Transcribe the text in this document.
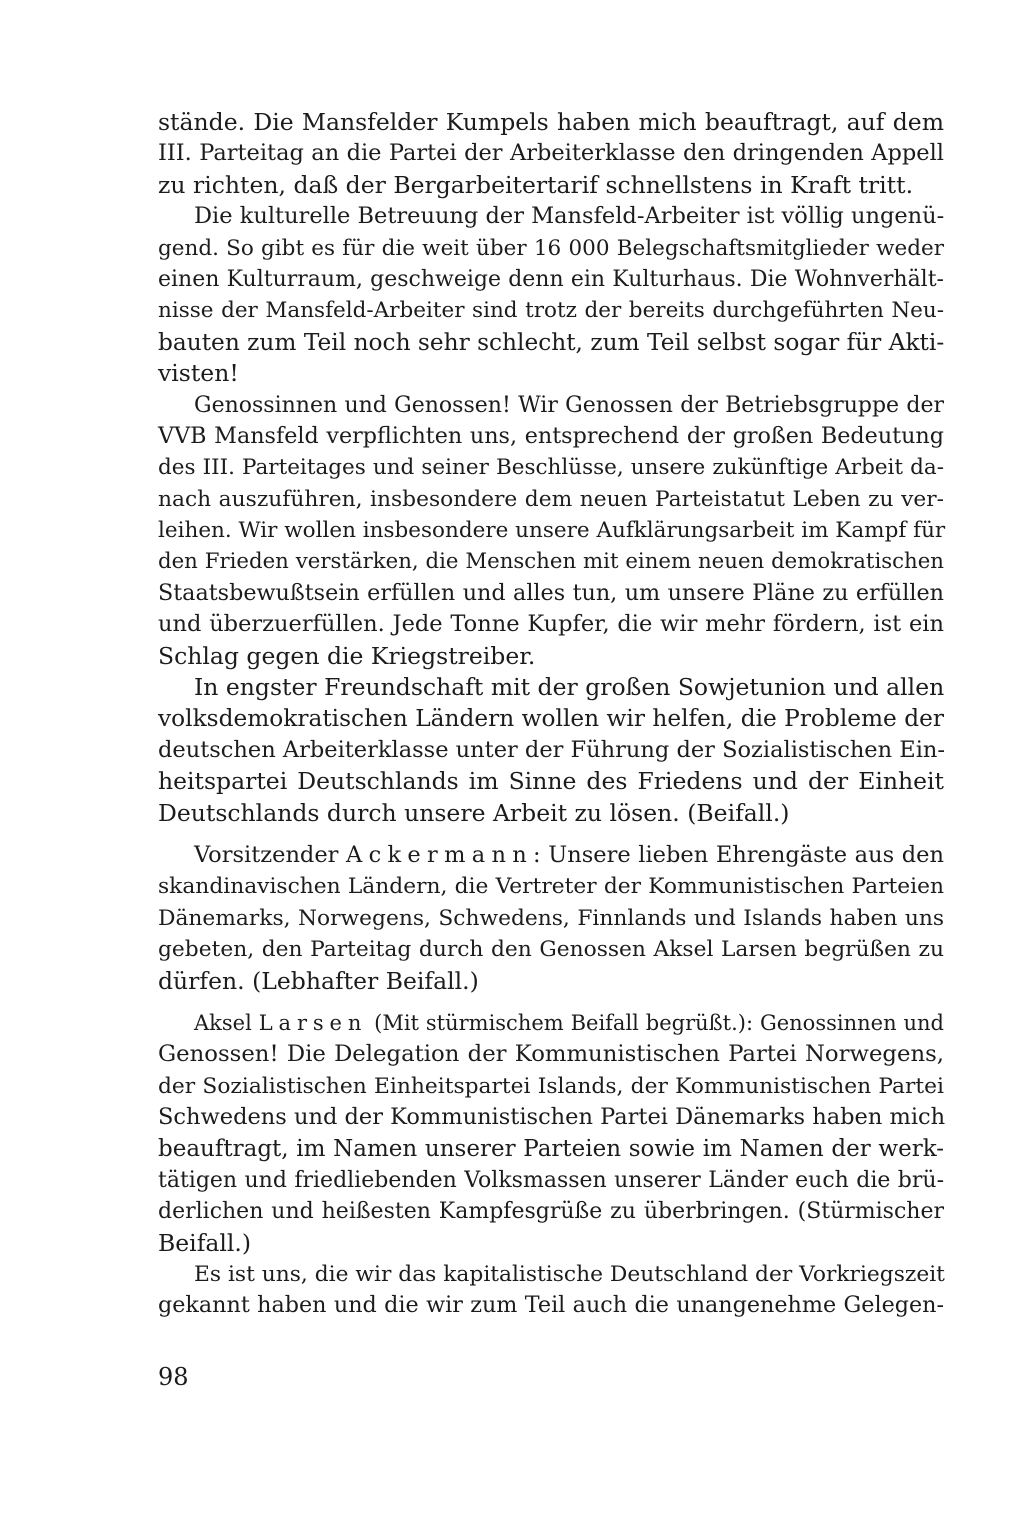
stände. Die Mansfelder Kumpels haben mich beauftragt, auf dem
III. Parteitag an die Partei der Arbeiterklasse den dringenden Appell
zu richten, daß der Bergarbeitertarif schnellstens in Kraft tritt.
Die kulturelle Betreuung der Mansfeld-Arbeiter ist völlig ungenü-
gend. So gibt es für die weit über 16 000 Belegschaftsmitglieder weder
einen Kulturraum, geschweige denn ein Kulturhaus. Die Wohnverhält-
nisse der Mansfeld-Arbeiter sind trotz der bereits durchgeführten Neu-
bauten zum Teil noch sehr schlecht, zum Teil selbst sogar für Akti-
visten!
Genossinnen und Genossen! Wir Genossen der Betriebsgruppe der
VVB Mansfeld verpflichten uns, entsprechend der großen Bedeutung
des III. Parteitages und seiner Beschlüsse, unsere zukünftige Arbeit da-
nach auszuführen, insbesondere dem neuen Parteistatut Leben zu ver-
leihen. Wir wollen insbesondere unsere Aufklärungsarbeit im Kampf für
den Frieden verstärken, die Menschen mit einem neuen demokratischen
Staatsbewußtsein erfüllen und alles tun, um unsere Pläne zu erfüllen
und überzuerfüllen. Jede Tonne Kupfer, die wir mehr fördern, ist ein
Schlag gegen die Kriegstreiber.
In engster Freundschaft mit der großen Sowjetunion und allen
volksdemokratischen Ländern wollen wir helfen, die Probleme der
deutschen Arbeiterklasse unter der Führung der Sozialistischen Ein-
heitspartei Deutschlands im Sinne des Friedens und der Einheit
Deutschlands durch unsere Arbeit zu lösen. (Beifall.)
Vorsitzender Ackermann: Unsere lieben Ehrengäste aus den
skandinavischen Ländern, die Vertreter der Kommunistischen Parteien
Dänemarks, Norwegens, Schwedens, Finnlands und Islands haben uns
gebeten, den Parteitag durch den Genossen Aksel Larsen begrüßen zu
dürfen. (Lebhafter Beifall.)
Aksel Larsen (Mit stürmischem Beifall begrüßt.): Genossinnen und
Genossen! Die Delegation der Kommunistischen Partei Norwegens,
der Sozialistischen Einheitspartei Islands, der Kommunistischen Partei
Schwedens und der Kommunistischen Partei Dänemarks haben mich
beauftragt, im Namen unserer Parteien sowie im Namen der werk-
tätigen und friedliebenden Volksmassen unserer Länder euch die brü-
derlichen und heißesten Kampfesgrüße zu überbringen. (Stürmischer
Beifall.)
Es ist uns, die wir das kapitalistische Deutschland der Vorkriegszeit
gekannt haben und die wir zum Teil auch die unangenehme Gelegen-
98
